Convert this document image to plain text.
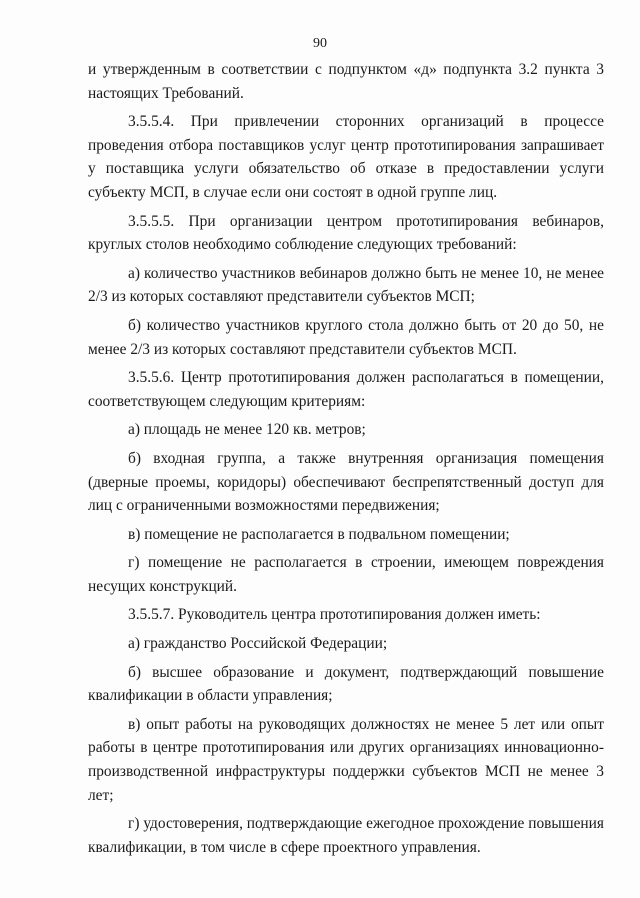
90

и утвержденным в соответствии с подпунктом «д» подпункта 3.2 пункта 3 настоящих Требований.

3.5.5.4. При привлечении сторонних организаций в процессе проведения отбора поставщиков услуг центр прототипирования запрашивает у поставщика услуги обязательство об отказе в предоставлении услуги субъекту МСП, в случае если они состоят в одной группе лиц.

3.5.5.5. При организации центром прототипирования вебинаров, круглых столов необходимо соблюдение следующих требований:

а) количество участников вебинаров должно быть не менее 10, не менее 2/3 из которых составляют представители субъектов МСП;

б) количество участников круглого стола должно быть от 20 до 50, не менее 2/3 из которых составляют представители субъектов МСП.

3.5.5.6. Центр прототипирования должен располагаться в помещении, соответствующем следующим критериям:

а) площадь не менее 120 кв. метров;

б) входная группа, а также внутренняя организация помещения (дверные проемы, коридоры) обеспечивают беспрепятственный доступ для лиц с ограниченными возможностями передвижения;

в) помещение не располагается в подвальном помещении;

г) помещение не располагается в строении, имеющем повреждения несущих конструкций.

3.5.5.7. Руководитель центра прототипирования должен иметь:

а) гражданство Российской Федерации;

б) высшее образование и документ, подтверждающий повышение квалификации в области управления;

в) опыт работы на руководящих должностях не менее 5 лет или опыт работы в центре прототипирования или других организациях инновационно-производственной инфраструктуры поддержки субъектов МСП не менее 3 лет;

г) удостоверения, подтверждающие ежегодное прохождение повышения квалификации, в том числе в сфере проектного управления.
